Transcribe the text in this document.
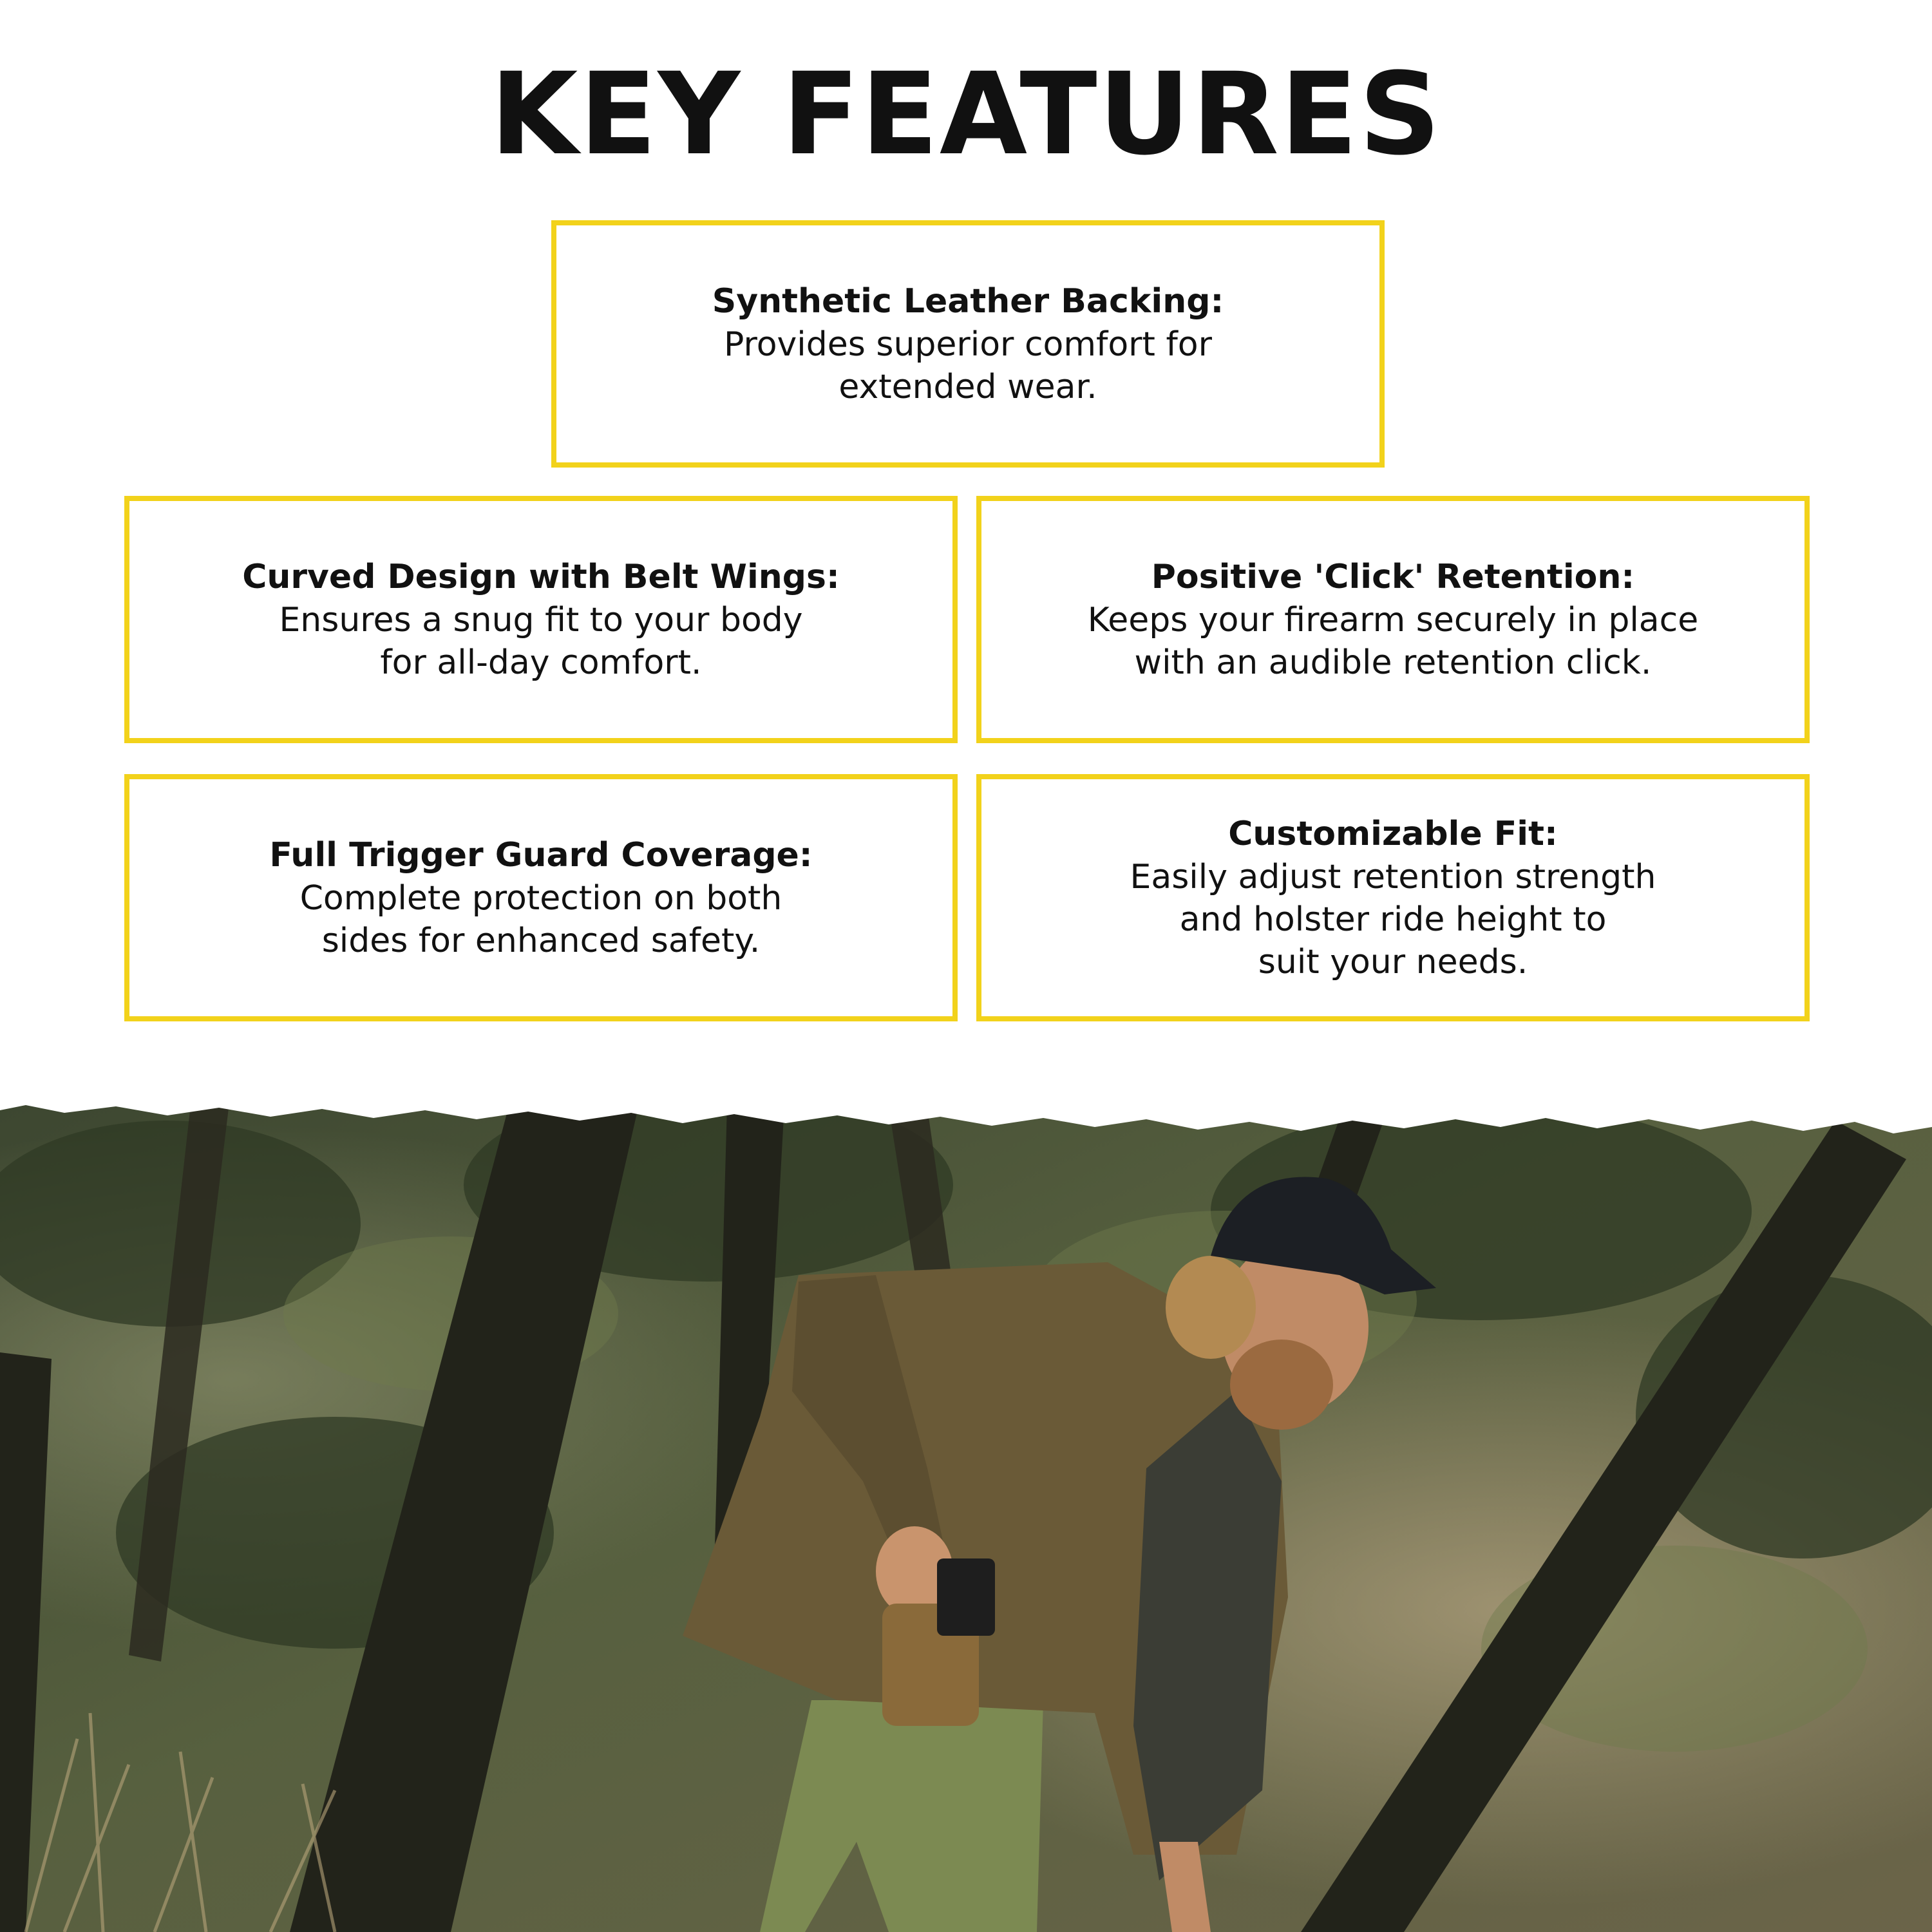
KEY FEATURES
Synthetic Leather Backing:
Provides superior comfort for
extended wear.
Curved Design with Belt Wings:
Ensures a snug fit to your body
for all-day comfort.
Positive 'Click' Retention:
Keeps your firearm securely in place
with an audible retention click.
Full Trigger Guard Coverage:
Complete protection on both
sides for enhanced safety.
Customizable Fit:
Easily adjust retention strength
and holster ride height to
suit your needs.
